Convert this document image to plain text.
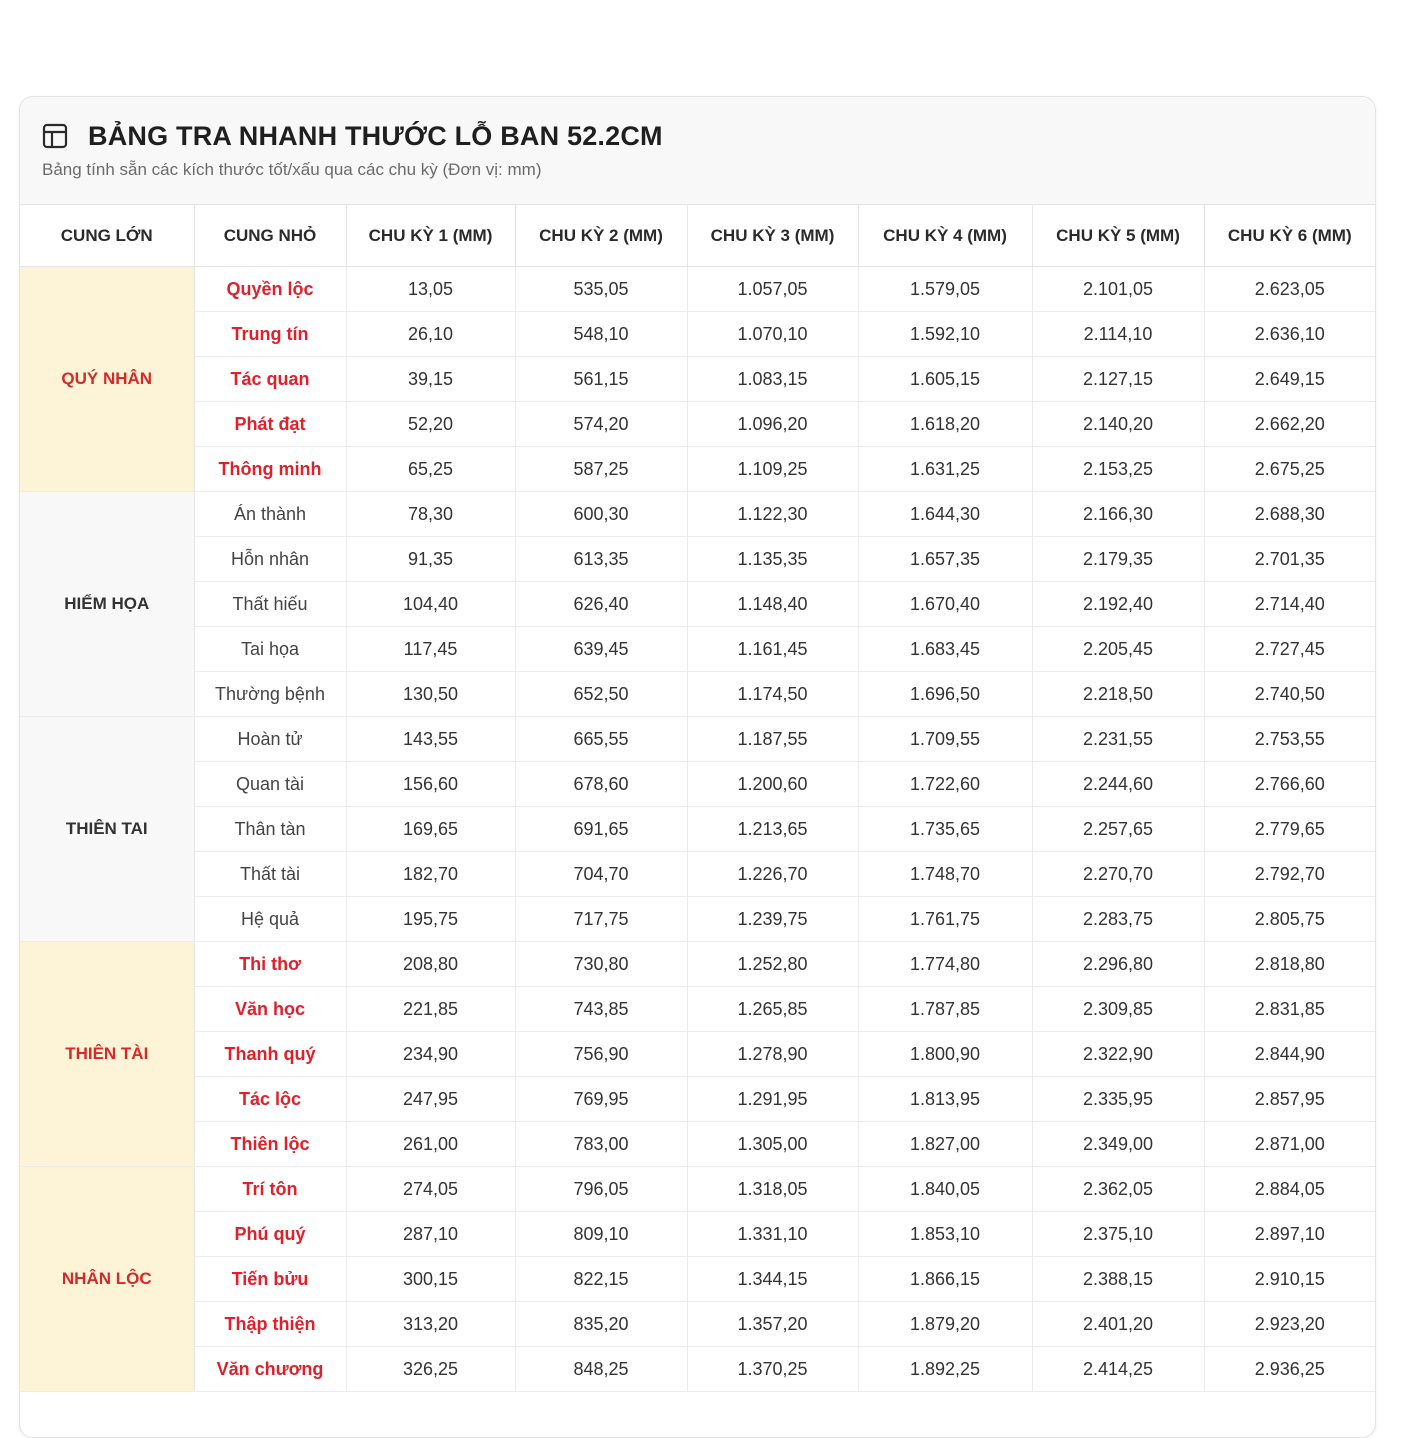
BẢNG TRA NHANH THƯỚC LỖ BAN 52.2CM
Bảng tính sẵn các kích thước tốt/xấu qua các chu kỳ (Đơn vị: mm)
CUNG LỚN	CUNG NHỎ	CHU KỲ 1 (MM)	CHU KỲ 2 (MM)	CHU KỲ 3 (MM)	CHU KỲ 4 (MM)	CHU KỲ 5 (MM)	CHU KỲ 6 (MM)
QUÝ NHÂN	Quyền lộc	13,05	535,05	1.057,05	1.579,05	2.101,05	2.623,05
	Trung tín	26,10	548,10	1.070,10	1.592,10	2.114,10	2.636,10
	Tác quan	39,15	561,15	1.083,15	1.605,15	2.127,15	2.649,15
	Phát đạt	52,20	574,20	1.096,20	1.618,20	2.140,20	2.662,20
	Thông minh	65,25	587,25	1.109,25	1.631,25	2.153,25	2.675,25
HIỂM HỌA	Án thành	78,30	600,30	1.122,30	1.644,30	2.166,30	2.688,30
	Hỗn nhân	91,35	613,35	1.135,35	1.657,35	2.179,35	2.701,35
	Thất hiếu	104,40	626,40	1.148,40	1.670,40	2.192,40	2.714,40
	Tai họa	117,45	639,45	1.161,45	1.683,45	2.205,45	2.727,45
	Thường bệnh	130,50	652,50	1.174,50	1.696,50	2.218,50	2.740,50
THIÊN TAI	Hoàn tử	143,55	665,55	1.187,55	1.709,55	2.231,55	2.753,55
	Quan tài	156,60	678,60	1.200,60	1.722,60	2.244,60	2.766,60
	Thân tàn	169,65	691,65	1.213,65	1.735,65	2.257,65	2.779,65
	Thất tài	182,70	704,70	1.226,70	1.748,70	2.270,70	2.792,70
	Hệ quả	195,75	717,75	1.239,75	1.761,75	2.283,75	2.805,75
THIÊN TÀI	Thi thơ	208,80	730,80	1.252,80	1.774,80	2.296,80	2.818,80
	Văn học	221,85	743,85	1.265,85	1.787,85	2.309,85	2.831,85
	Thanh quý	234,90	756,90	1.278,90	1.800,90	2.322,90	2.844,90
	Tác lộc	247,95	769,95	1.291,95	1.813,95	2.335,95	2.857,95
	Thiên lộc	261,00	783,00	1.305,00	1.827,00	2.349,00	2.871,00
NHÂN LỘC	Trí tôn	274,05	796,05	1.318,05	1.840,05	2.362,05	2.884,05
	Phú quý	287,10	809,10	1.331,10	1.853,10	2.375,10	2.897,10
	Tiến bửu	300,15	822,15	1.344,15	1.866,15	2.388,15	2.910,15
	Thập thiện	313,20	835,20	1.357,20	1.879,20	2.401,20	2.923,20
	Văn chương	326,25	848,25	1.370,25	1.892,25	2.414,25	2.936,25
